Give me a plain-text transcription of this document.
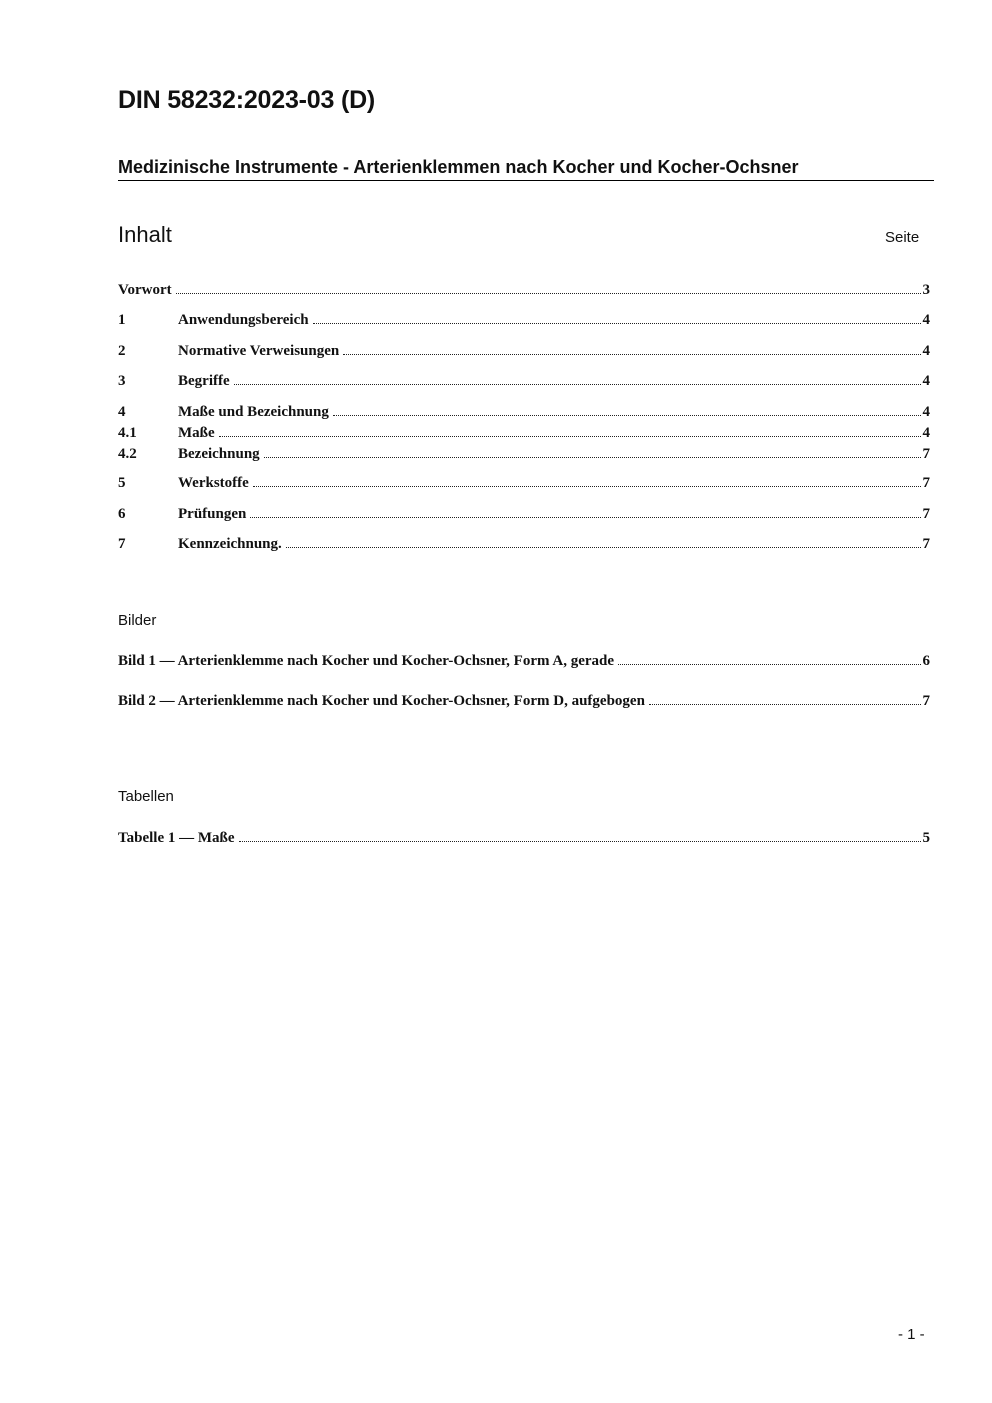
DIN 58232:2023-03 (D)
Medizinische Instrumente - Arterienklemmen nach Kocher und Kocher-Ochsner
Inhalt	Seite
Vorwort	3
1	Anwendungsbereich	4
2	Normative Verweisungen	4
3	Begriffe	4
4	Maße und Bezeichnung	4
4.1	Maße	4
4.2	Bezeichnung	7
5	Werkstoffe	7
6	Prüfungen	7
7	Kennzeichnung.	7
Bilder
Bild 1 — Arterienklemme nach Kocher und Kocher-Ochsner, Form A, gerade	6
Bild 2 — Arterienklemme nach Kocher und Kocher-Ochsner, Form D, aufgebogen	7
Tabellen
Tabelle 1 — Maße	5
- 1 -
